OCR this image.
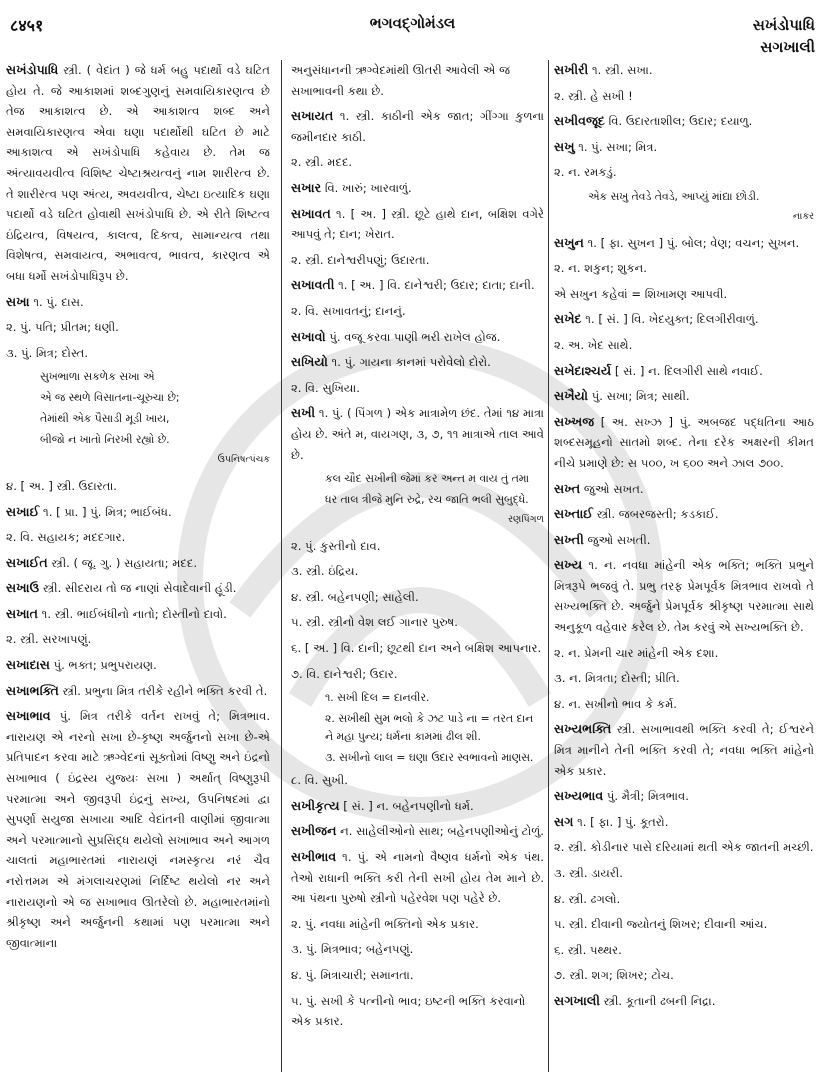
८४५१	ભગવદ્ગોમંડલ	સખંડોપાધિ
સગખાલી
સખંડોપાધિ સ્ત્રી. ( વેદાંત ) જે ધર્મ બહુ પદાર્થો વડે ઘટિત હોય તે. જે આકાશમાં શબ્દગુણનું સમવાયિકારણત્વ છે તેજ આકાશત્વ છે. એ આકાશત્વ શબ્દ અને સમવાયિકારણત્વ એવા ઘણા પદાર્થોથી ઘટિત છે માટે આકાશત્વ એ સખંડોપાધિ કહેવાય છે. તેમ જ અંત્યાવયવીત્વ વિશિષ્ટ ચેષ્ટાશ્રયત્વનું નામ શારીરત્વ છે. તે શારીરત્વ પણ અંત્ય, અવયવીત્વ, ચેષ્ટા ઇત્યાદિક ઘણા પદાર્થો વડે ઘટિત હોવાથી સખંડોપાધિ છે. એ રીતે શિષ્ટત્વ ઇંદ્રિયત્વ, વિષયત્વ, કાલત્વ, દિક્ત્વ, સામાન્યત્વ તથા વિશેષત્વ, સમવાયત્વ, અભાવત્વ, ભાવત્વ, કારણત્વ એ બધા ધર્મો સખંડોપાધિરૂપ છે.
સખા ૧. પું. દાસ.
૨. પું. પતિ; પ્રીતમ; ધણી.
૩. પું. મિત્ર; દોસ્ત.
સુખભાળા સકળેક સખા એ
એ જ સ્થળે વિસાતના-ચૂરુચા છે;
તેમાંથી એક પૈસાડી મૂડી ખાય,
બીજો ન ખાતો નિરખી રહ્યો છે.
ઉપનિષત્પંચક
૪. [ અ. ] સ્ત્રી. ઉદારતા.
સખાઈ ૧. [ પ્રા. ] પું. મિત્ર; ભાઈબંધ.
૨. વિ. સહાયક; મદદગાર.
સખાઈત સ્ત્રી. ( જૂ. ગુ. ) સહાયતા; મદદ.
સખાઉ સ્ત્રી. સીદરાય તો જ નાણાં સેવાદેવાની હૂંડી.
સખાત ૧. સ્ત્રી. ભાઈબંધીનો નાતો; દોસ્તીનો દાવો.
૨. સ્ત્રી. સરખાપણું.
સખાદાસ પું. ભક્ત; પ્રભુપરાયણ.
સખાભક્તિ સ્ત્રી. પ્રભુના મિત્ર તરીકે રહીને ભક્તિ કરવી તે.
સખાભાવ પું. મિત્ર તરીકે વર્તન રાખવું તે; મિત્રભાવ. નારાયણ એ નરનો સખા છે-કૃષ્ણ અર્જુનનો સખા છે-એ પ્રતિપાદન કરવા માટે ઋગ્વેદનાં સૂક્તોમાં વિષ્ણુ અને ઇંદ્રનો સખાભાવ ( ઇંદ્રસ્ય યુજ્યઃ સખા ) અર્થાત્ વિષ્ણુરૂપી પરમાત્મા અને જીવરૂપી ઇંદ્રનું સખ્ય, ઉપનિષદમાં દ્વા સુપર્ણા સયુજા સખાયા આદિ વેદાંતની વાણીમાં જીવાત્મા અને પરમાત્માનો સુપ્રસિદ્ધ થયેલો સખાભાવ અને આગળ ચાલતાં મહાભારતમાં નારાયણં નમસ્કૃત્ય નરં ચૈવ નરોત્તમમ એ મંગલાચરણમાં નિર્દિષ્ટ થયેલો નર અને નારાયણનો એ જ સખાભાવ ઊતરેલો છે. મહાભારતમાંનો શ્રીકૃષ્ણ અને અર્જુનની કથામાં પણ પરમાત્મા અને જીવાત્માના
અનુસંધાનની ઋગ્વેદમાંથી ઊતરી આવેલી એ જ સખાભાવની કથા છે.
સખાયત ૧. સ્ત્રી. કાઠીની એક જાત; ગીંગ્ગા કુળના જમીનદાર કાઠી.
૨. સ્ત્રી. મદદ.
સખાર વિ. ખારું; ખારવાળું.
સખાવત ૧. [ અ. ] સ્ત્રી. છૂટે હાથે દાન, બક્ષિશ વગેરે આપવું તે; દાન; ખેરાત.
૨. સ્ત્રી. દાનેશ્વરીપણું; ઉદારતા.
સખાવતી ૧. [ અ. ] વિ. દાનેશ્વરી; ઉદાર; દાતા; દાની.
૨. વિ. સખાવતનું; દાનનું.
સખાવો પું. વજૂ કરવા પાણી ભરી રાખેલ હોજ.
સખિયો ૧. પું. ગાયના કાનમાં પરોવેલો દોરો.
૨. વિ. સુખિયા.
સખી ૧. પું. ( પિંગળ ) એક માત્રામેળ છંદ. તેમાં ૧૪ માત્રા હોય છે. અંતે મ, વાયગણ, ૩, ૭, ૧૧ માત્રાએ તાલ આવે છે.
કલ ચૌદ સખીની જેમાં કર અન્ત મ વાય તું તમા
ધર તાલ ત્રીજે મુનિ રુદ્રે, રચ જાતિ ભલી સુબુદ્ધે.
રણપિંગળ
૨. પું. કુસ્તીનો દાવ.
૩. સ્ત્રી. ઇંદ્રિય.
૪. સ્ત્રી. બહેનપણી; સાહેલી.
૫. સ્ત્રી. સ્ત્રીનો વેશ લઈ ગાનાર પુરુષ.
૬. [ અ. ] વિ. દાની; છૂટથી દાન અને બક્ષિશ આપનાર.
૭. વિ. દાનેશ્વરી; ઉદાર.
૧. સખી દિલ = દાનવીર.
૨. સખીથી સુમ ભલો કે ઝટ પાડે ના = તરત દાન ને મહા પુન્ય; ધર્મના કામમાં ઢીલ શી.
૩. સખીનો લાલ = ઘણા ઉદાર સ્વભાવનો માણસ.
૮. વિ. સુખી.
સખીકૃત્ય [ સં. ] ન. બહેનપણીનો ધર્મ.
સખીજન ન. સાહેલીઓનો સાથ; બહેનપણીઓનું ટોળું.
સખીભાવ ૧. પું. એ નામનો વૈષ્ણવ ધર્મનો એક પંથ. તેઓ રાધાની ભક્તિ કરી તેની સખી હોય તેમ માને છે. આ પંથના પુરુષો સ્ત્રીનો પહેરવેશ પણ પહેરે છે.
૨. પું. નવધા માંહેની ભક્તિનો એક પ્રકાર.
૩. પું. મિત્રભાવ; બહેનપણું.
૪. પું. મિત્રાચારી; સમાનતા.
૫. પું. સખી કે પત્નીનો ભાવ; ઇષ્ટની ભક્તિ કરવાનો એક પ્રકાર.
સખીરી ૧. સ્ત્રી. સખા.
૨. સ્ત્રી. હે સખી !
સખીવજૂદ વિ. ઉદારતાશીલ; ઉદાર; દયાળુ.
સખુ ૧. પું. સખા; મિત્ર.
૨. ન. રમકડું.
એક સખુ તેવડે તેવડે, આપ્યું માંદ્યા છોડી.
નાકર
સખુન ૧. [ ફા. સુખન ] પું. બોલ; વેણ; વચન; સુખન.
૨. ન. શકુન; શુકન.
એ સખુન કહેવાં = શિખામણ આપવી.
સખેદ ૧. [ સં. ] વિ. ખેદયુક્ત; દિલગીરીવાળું.
૨. અ. ખેદ સાથે.
સખેદાશ્ચર્ય [ સં. ] ન. દિલગીરી સાથે નવાઈ.
સખૈયો પું. સખા; મિત્ર; સાથી.
સખ્ખજ [ અ. સખ્ઝ ] પું. અબજદ પદ્ધતિના આઠ શબ્દસમૂહનો સાતમો શબ્દ. તેના દરેક અક્ષરની કીમત નીચે પ્રમાણે છે: સ ૫૦૦, ખ ૬૦૦ અને ઝાલ ૭૦૦.
સખ્ત જુઓ સખત.
સખ્તાઈ સ્ત્રી. જબરજસ્તી; કડકાઈ.
સખ્તી જુઓ સખતી.
સખ્ય ૧. ન. નવધા માંહેની એક ભક્તિ; ભક્તિ પ્રભુને મિત્રરૂપે ભજવું તે. પ્રભુ તરફ પ્રેમપૂર્વક મિત્રભાવ રાખવો તે સખ્યભક્તિ છે. અર્જુને પ્રેમપૂર્વક શ્રીકૃષ્ણ પરમાત્મા સાથે અનુકૂળ વહેવાર કરેલ છે. તેમ કરવું એ સખ્યભક્તિ છે.
૨. ન. પ્રેમની ચાર માંહેની એક દશા.
૩. ન. મિત્રતા; દોસ્તી; પ્રીતિ.
૪. ન. સખીનો ભાવ કે કર્મ.
સખ્યભક્તિ સ્ત્રી. સખાભાવથી ભક્તિ કરવી તે; ઈશ્વરને મિત્ર માનીને તેની ભક્તિ કરવી તે; નવધા ભક્તિ માંહેનો એક પ્રકાર.
સખ્યભાવ પું. મૈત્રી; મિત્રભાવ.
સગ ૧. [ ફા. ] પું. કૂતરો.
૨. સ્ત્રી. કોડીનાર પાસે દરિયામાં થતી એક જાતની મચ્છી.
૩. સ્ત્રી. ડાયરી.
૪. સ્ત્રી. ઢગલો.
૫. સ્ત્રી. દીવાની જ્યોતનું શિખર; દીવાની આંચ.
૬. સ્ત્રી. પથ્થર.
૭. સ્ત્રી. શગ; શિખર; ટોચ.
સગખાલી સ્ત્રી. કૂતાની ઢબની નિદ્રા.
